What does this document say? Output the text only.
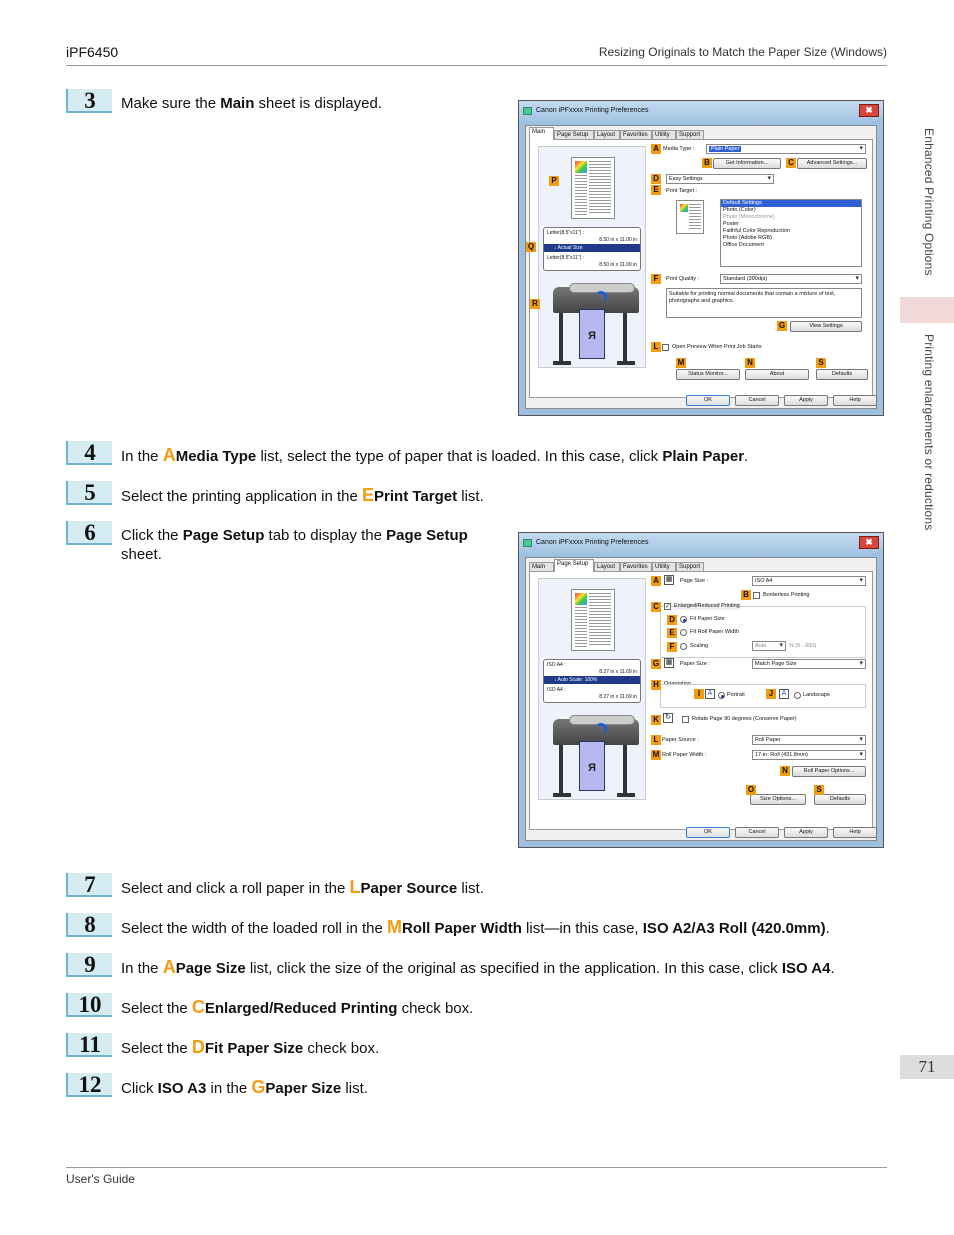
iPF6450	Resizing Originals to Match the Paper Size (Windows)
Enhanced Printing Options
Printing enlargements or reductions
71
3	Make sure the Main sheet is displayed.	Canon iPFxxxx Printing Preferences	✖
Main	Page Setup	Layout	Favorites	Utility	Support
Letter(8.5"x11") :
8.50 in x 11.00 in
↓ Actual Size
Letter(8.5"x11") :
8.50 in x 11.00 in
R
P
Q
R
A Media Type :	Plain Paper ▾
B	Get Information...	C	Advanced Settings...
D	Easy Settings ▾
E	Print Target :
Default Settings
Photo (Color)
Photo (Monochrome)
Poster
Faithful Color Reproduction
Photo (Adobe RGB)
Office Document
F	Print Quality :	Standard (300dpi) ▾
Suitable for printing normal documents that contain a mixture of text, photographs and graphics.
G	View Settings
L	Open Preview When Print Job Starts
M	N	S
Status Monitor...	About	Defaults
OK	Cancel	Apply	Help
4	In the AMedia Type list, select the type of paper that is loaded. In this case, click Plain Paper.
5	Select the printing application in the EPrint Target list.
6	Click the Page Setup tab to display the Page Setup sheet.
Canon iPFxxxx Printing Preferences	✖
Main	Page Setup	Layout	Favorites	Utility	Support
ISO A4 :
8.27 in x 11.69 in
↓ Auto Scale: 100%
ISO A4 :
8.27 in x 11.69 in
R
A ▦	Page Size :	ISO A4 ▾
B	Borderless Printing
C	✓ Enlarged/Reduced Printing
D	Fit Paper Size
E	Fit Roll Paper Width
F	Scaling	Auto ▾	% (5 - 600)
G ▦	Paper Size :	Match Page Size ▾
H Orientation
I	A	Portrait	J	A	Landscape
K ↻	Rotate Page 90 degrees (Conserve Paper)
L Paper Source :	Roll Paper ▾
M Roll Paper Width :	17-in. Roll (431.8mm) ▾
N	Roll Paper Options...
O	S
Size Options...	Defaults
OK	Cancel	Apply	Help
7	Select and click a roll paper in the LPaper Source list.
8	Select the width of the loaded roll in the MRoll Paper Width list—in this case, ISO A2/A3 Roll (420.0mm).
9	In the APage Size list, click the size of the original as specified in the application. In this case, click ISO A4.
10	Select the CEnlarged/Reduced Printing check box.
11	Select the DFit Paper Size check box.
12	Click ISO A3 in the GPaper Size list.
User's Guide
